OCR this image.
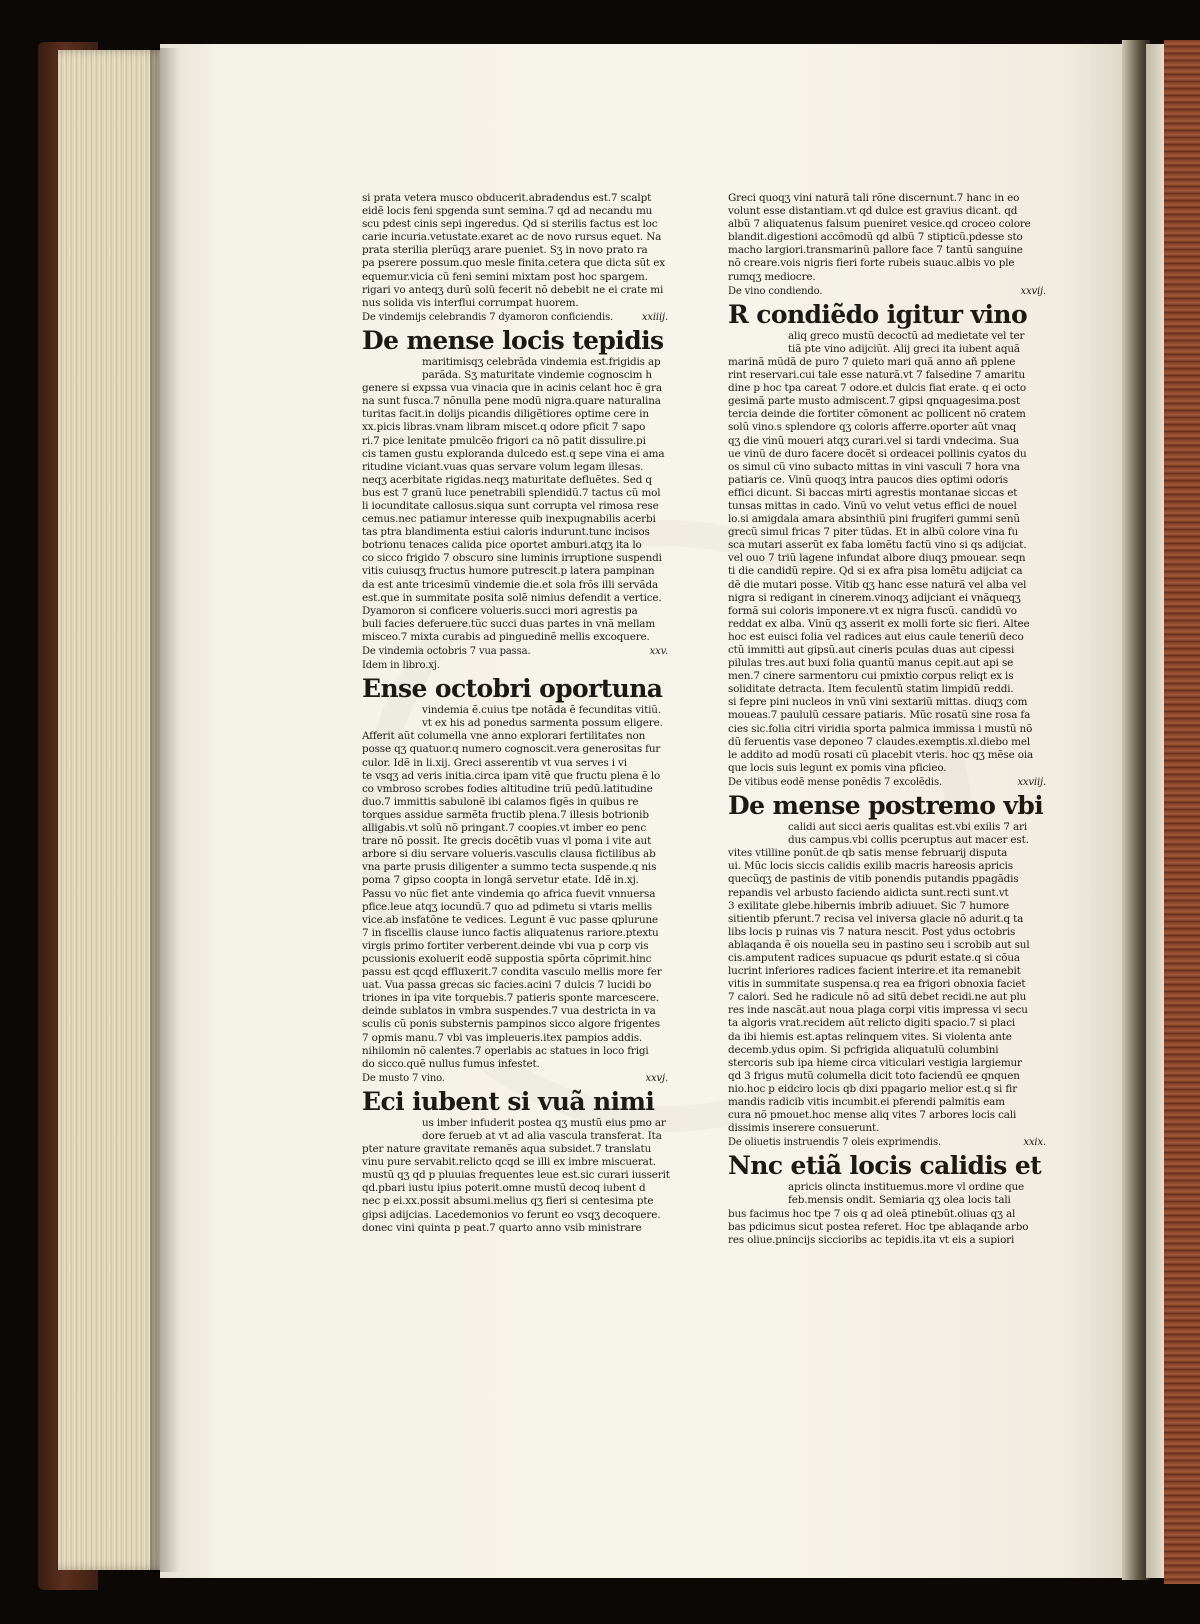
si prata vetera musco obducerit.abradendus est.7 scalpt
eidẽ locis feni spgenda sunt semina.7 qd ad necandu mu
scu pdest cinis sepi ingeredus. Qd si sterilis factus est loc
carie incuria.vetustate.exaret ac de novo rursus equet. Na
prata sterilia plerũqʒ arare pueniet. Sʒ in novo prato ra
pa pserere possum.quo mesle finita.cetera que dicta sũt ex
equemur.vicia cũ feni semini mixtam post hoc spargem.
rigari vo anteqʒ durũ solũ fecerit nõ debebit ne ei crate mi
nus solida vis interflui corrumpat huorem.

De vindemijs celebrandis 7 dyamoron conficiendis.	xxiiij.
De mense locis tepidis

maritimisqʒ celebrãda vindemia est.frigidis ap
parãda. Sʒ maturitate vindemie cognoscim h

genere si expssa vua vinacia que in acinis celant hoc ẽ gra
na sunt fusca.7 nõnulla pene modũ nigra.quare naturalina
turitas facit.in dolijs picandis diligẽtiores optime cere in
xx.picis libras.vnam libram miscet.q odore pficit 7 sapo
ri.7 pice lenitate pmulcẽo frigori ca nõ patit dissulire.pi
cis tamen gustu exploranda dulcedo est.q sepe vina ei ama
ritudine viciant.vuas quas servare volum legam illesas.
neqʒ acerbitate rigidas.neqʒ maturitate defluẽtes. Sed q
bus est 7 granũ luce penetrabili splendidũ.7 tactus cũ mol
li iocunditate callosus.siqua sunt corrupta vel rimosa rese
cemus.nec patiamur interesse quib inexpugnabilis acerbi
tas ptra blandimenta estiui caloris indurunt.tunc incisos
botrionu tenaces calida pice oportet amburi.atqʒ ita lo
co sicco frigido 7 obscuro sine luminis irruptione suspendi
vitis cuiusqʒ fructus humore putrescit.p latera pampinan
da est ante tricesimũ vindemie die.et sola frõs illi servãda
est.que in summitate posita solẽ nimius defendit a vertice.
Dyamoron si conficere volueris.succi mori agrestis pa
buli facies deferuere.tũc succi duas partes in vnã mellam
misceo.7 mixta curabis ad pinguedinẽ mellis excoquere.

De vindemia octobris 7 vua passa.	xxv.
Idem in libro.xj.
Ense octobri oportuna

vindemia ẽ.cuius tpe notãda ẽ fecunditas vitiũ.
vt ex his ad ponedus sarmenta possum eligere.

Afferit aũt columella vne anno explorari fertilitates non
posse qʒ quatuor.q numero cognoscit.vera generositas fur
culor. Idẽ in li.xij. Greci asserentib vt vua serves i vi
te vsqʒ ad veris initia.circa ipam vitẽ que fructu plena ẽ lo
co vmbroso scrobes fodies altitudine triũ pedũ.latitudine
duo.7 immittis sabulonẽ ibi calamos figẽs in quibus re
torques assidue sarmẽta fructib plena.7 illesis botrionib
alligabis.vt solũ nõ pringant.7 coopies.vt imber eo penc
trare nõ possit. Ite grecis docẽtib vuas vl poma i vite aut
arbore si diu servare volueris.vasculis clausa fictilibus ab
vna parte prusis diligenter a summo tecta suspende.q nis
poma 7 gipso coopta in longã servetur etate. Idẽ in.xj.
Passu vo nũc fiet ante vindemia qo africa fuevit vnnuersa
pfice.leue atqʒ iocundũ.7 quo ad pdimetu si vtaris mellis
vice.ab insfatõne te vedices. Legunt ẽ vuc passe qplurune
7 in fiscellis clause iunco factis aliquatenus rariore.ptextu
virgis primo fortiter verberent.deinde vbi vua p corp vis
pcussionis exoluerit eodẽ suppostia spõrta cõprimit.hinc
passu est qcqd effluxerit.7 condita vasculo mellis more fer
uat. Vua passa grecas sic facies.acini 7 dulcis 7 lucidi bo
triones in ipa vite torquebis.7 patieris sponte marcescere.
deinde sublatos in vmbra suspendes.7 vua destricta in va
sculis cũ ponis substernis pampinos sicco algore frigentes
7 opmis manu.7 vbi vas impleueris.itex pampios addis.
nihilomin nõ calentes.7 operlabis ac statues in loco frigi
do sicco.quẽ nullus fumus infestet.

De musto 7 vino.	xxvj.
Eci iubent si vuã nimi

us imber infuderit postea qʒ mustũ eius pmo ar
dore ferueb at vt ad alia vascula transferat. Ita

pter nature gravitate remanẽs aqua subsidet.7 translatu
vinu pure servabit.relicto qcqd se illi ex imbre miscuerat.
mustũ qʒ qd p pluuias frequentes leue est.sic curari iusserit
qd.pbari iustu ipius poterit.omne mustũ decoq iubent d
nec p ei.xx.possit absumi.melius qʒ fieri si centesima pte
gipsi adijcias. Lacedemonios vo ferunt eo vsqʒ decoquere.
donec vini quinta p peat.7 quarto anno vsib ministrare

Greci quoqʒ vini naturã tali rõne discernunt.7 hanc in eo
volunt esse distantiam.vt qd dulce est gravius dicant. qd
albũ 7 aliquatenus falsum pueniret vesice.qd croceo colore
blandit.digestioni accõmodũ qd albũ 7 stipticũ.pdesse sto
macho largiori.transmarinũ pallore face 7 tantũ sanguine
nõ creare.vois nigris fieri forte rubeis suauc.albis vo ple
rumqʒ mediocre.

De vino condiendo.	xxvij.
R condiẽdo igitur vino

aliq greco mustũ decoctũ ad medietate vel ter
tiã pte vino adijciũt. Alij greci ita iubent aquã

marinã mũdã de puro 7 quieto mari quã anno añ pplene
rint reservari.cui tale esse naturã.vt 7 falsedine 7 amaritu
dine p hoc tpa careat 7 odore.et dulcis fiat erate. q ei octo
gesimã parte musto admiscent.7 gipsi qnquagesima.post
tercia deinde die fortiter cõmonent ac pollicent nõ cratem
solũ vino.s splendore qʒ coloris afferre.oporter aũt vnaq
qʒ die vinũ moueri atqʒ curari.vel si tardi vndecima. Sua
ue vinũ de duro facere docẽt si ordeacei pollinis cyatos du
os simul cũ vino subacto mittas in vini vasculi 7 hora vna
patiaris ce. Vinũ quoqʒ intra paucos dies optimi odoris
effici dicunt. Si baccas mirti agrestis montanae siccas et
tunsas mittas in cado. Vinũ vo velut vetus effici de nouel
lo.si amigdala amara absinthiũ pini frugiferi gummi senũ
grecũ simul fricas 7 piter tũdas. Et in albũ colore vina fu
sca mutari asserũt ex faba lomẽtu factũ vino si qs adijciat.
vel ouo 7 triũ lagene infundat albore diuqʒ pmouear. seqn
ti die candidũ repire. Qd si ex afra pisa lomẽtu adijciat ca
dẽ die mutari posse. Vitib qʒ hanc esse naturã vel alba vel
nigra si redigant in cinerem.vinoqʒ adijciant ei vnãqueqʒ
formã sui coloris imponere.vt ex nigra fuscũ. candidũ vo
reddat ex alba. Vinũ qʒ asserit ex molli forte sic fieri. Altee
hoc est euisci folia vel radices aut eius caule teneriũ deco
ctũ immitti aut gipsũ.aut cineris pculas duas aut cipessi
pilulas tres.aut buxi folia quantũ manus cepit.aut api se
men.7 cinere sarmentoru cui pmixtio corpus reliqt ex is
soliditate detracta. Item feculentũ statim limpidũ reddi.
si fepre pini nucleos in vnũ vini sextariũ mittas. diuqʒ com
moueas.7 paululũ cessare patiaris. Mũc rosatũ sine rosa fa
cies sic.folia citri viridia sporta palmica immissa i mustũ nõ
dũ feruentis vase deponeo 7 claudes.exemptis.xl.diebo mel
le addito ad modũ rosati cũ placebit vteris. hoc qʒ mẽse oia
que locis suis legunt ex pomis vina pficieo.

De vitibus eodẽ mense ponẽdis 7 excolẽdis.	xxviij.
De mense postremo vbi

calidi aut sicci aeris qualitas est.vbi exilis 7 ari
dus campus.vbi collis pceruptus aut macer est.

vites vtilline ponũt.de qb satis mense februarij disputa
ui. Mũc locis siccis calidis exilib macris hareosis apricis
quecũqʒ de pastinis de vitib ponendis putandis ppagãdis
repandis vel arbusto faciendo aidicta sunt.recti sunt.vt
3 exilitate glebe.hibernis imbrib adiuuet. Sic 7 humore
sitientib pferunt.7 recisa vel iniversa glacie nõ adurit.q ta
libs locis p ruinas vis 7 natura nescit. Post ydus octobris
ablaqanda ẽ ois nouella seu in pastino seu i scrobib aut sul
cis.amputent radices supuacue qs pdurit estate.q si cõua
lucrint inferiores radices facient interire.et ita remanebit
vitis in summitate suspensa.q rea ea frigori obnoxia faciet
7 calori. Sed he radicule nõ ad sitũ debet recidi.ne aut plu
res inde nascãt.aut noua plaga corpi vitis impressa vi secu
ta algoris vrat.recidem aũt relicto digiti spacio.7 si placi
da ibi hiemis est.aptas relinquem vites. Si violenta ante
decemb.ydus opim. Si pcfrigida aliquatulũ columbini
stercoris sub ipa hieme circa viticulari vestigia largiemur
qd 3 frigus mutũ columella dicit toto faciendũ ee qnquen
nio.hoc p eidciro locis qb dixi ppagario melior est.q si fir
mandis radicib vitis incumbit.ei pferendi palmitis eam
cura nõ pmouet.hoc mense aliq vites 7 arbores locis cali
dissimis inserere consuerunt.

De oliuetis instruendis 7 oleis exprimendis.	xxix.
Nnc etiã locis calidis et

apricis olincta instituemus.more vl ordine que
feb.mensis ondit. Semiaria qʒ olea locis tali

bus facimus hoc tpe 7 ois q ad oleã ptinebũt.oliuas qʒ al
bas pdicimus sicut postea referet. Hoc tpe ablaqande arbo
res oliue.pnincijs siccioribs ac tepidis.ita vt eis a supiori
